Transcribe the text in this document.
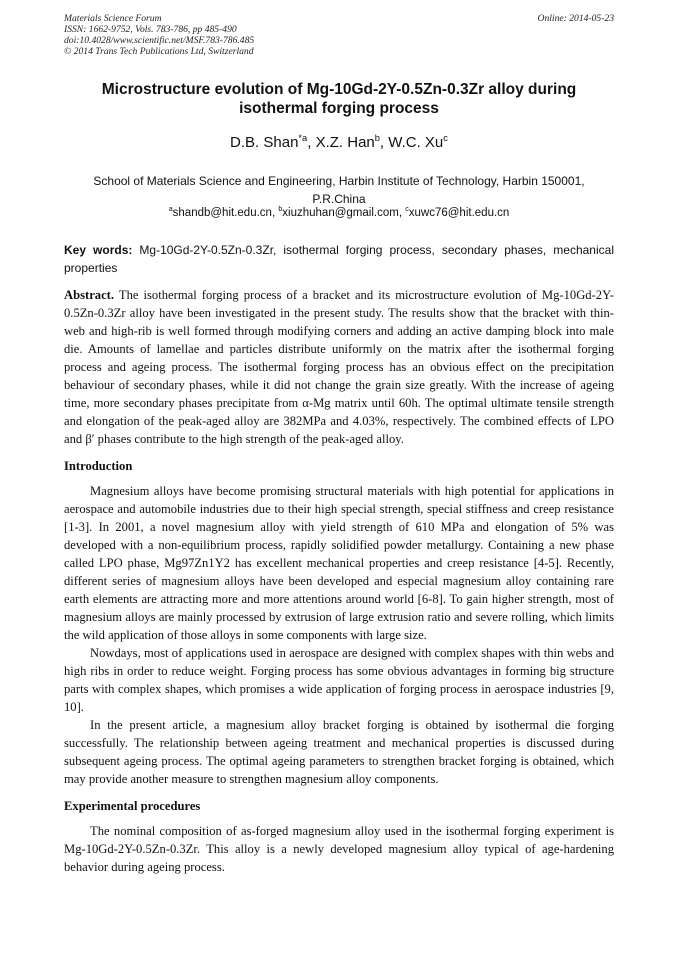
Materials Science Forum
ISSN: 1662-9752, Vols. 783-786, pp 485-490
doi:10.4028/www.scientific.net/MSF.783-786.485
© 2014 Trans Tech Publications Ltd, Switzerland
Online: 2014-05-23
Microstructure evolution of Mg-10Gd-2Y-0.5Zn-0.3Zr alloy during isothermal forging process
D.B. Shan$^{*a}$, X.Z. Han$^b$, W.C. Xu$^c$
School of Materials Science and Engineering, Harbin Institute of Technology, Harbin 150001, P.R.China
$^a$shandb@hit.edu.cn, $^b$xiuzhuhan@gmail.com, $^c$xuwc76@hit.edu.cn
Key words: Mg-10Gd-2Y-0.5Zn-0.3Zr, isothermal forging process, secondary phases, mechanical properties

Abstract. The isothermal forging process of a bracket and its microstructure evolution of Mg-10Gd-2Y-0.5Zn-0.3Zr alloy have been investigated in the present study. The results show that the bracket with thin-web and high-rib is well formed through modifying corners and adding an active damping block into male die. Amounts of lamellae and particles distribute uniformly on the matrix after the isothermal forging process and ageing process. The isothermal forging process has an obvious effect on the precipitation behaviour of secondary phases, while it did not change the grain size greatly. With the increase of ageing time, more secondary phases precipitate from α-Mg matrix until 60h. The optimal ultimate tensile strength and elongation of the peak-aged alloy are 382MPa and 4.03%, respectively. The combined effects of LPO and β′ phases contribute to the high strength of the peak-aged alloy.

Introduction

Magnesium alloys have become promising structural materials with high potential for applications in aerospace and automobile industries due to their high special strength, special stiffness and creep resistance [1-3]. In 2001, a novel magnesium alloy with yield strength of 610 MPa and elongation of 5% was developed with a non-equilibrium process, rapidly solidified powder metallurgy. Containing a new phase called LPO phase, Mg97Zn1Y2 has excellent mechanical properties and creep resistance [4-5]. Recently, different series of magnesium alloys have been developed and especial magnesium alloy containing rare earth elements are attracting more and more attentions around world [6-8]. To gain higher strength, most of magnesium alloys are mainly processed by extrusion of large extrusion ratio and severe rolling, which limits the wild application of those alloys in some components with large size.

Nowdays, most of applications used in aerospace are designed with complex shapes with thin webs and high ribs in order to reduce weight. Forging process has some obvious advantages in forming big structure parts with complex shapes, which promises a wide application of forging process in aerospace industries [9, 10].

In the present article, a magnesium alloy bracket forging is obtained by isothermal die forging successfully. The relationship between ageing treatment and mechanical properties is discussed during subsequent ageing process. The optimal ageing parameters to strengthen bracket forging is obtained, which may provide another measure to strengthen magnesium alloy components.

Experimental procedures

The nominal composition of as-forged magnesium alloy used in the isothermal forging experiment is Mg-10Gd-2Y-0.5Zn-0.3Zr. This alloy is a newly developed magnesium alloy typical of age-hardening behavior during ageing process.
